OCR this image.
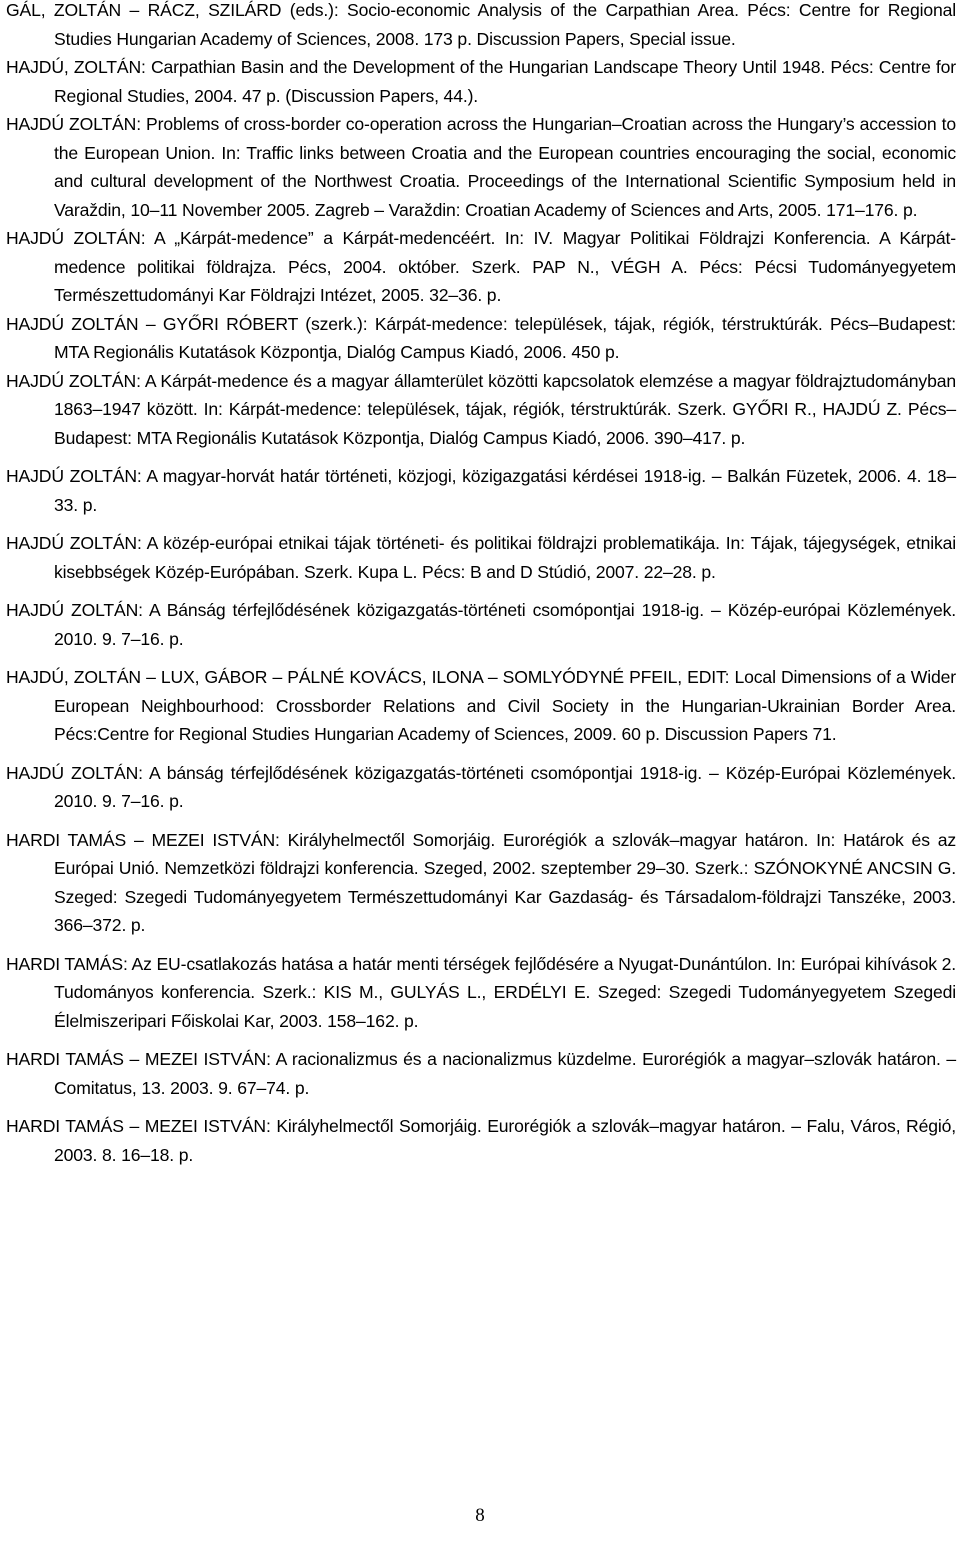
GÁL, ZOLTÁN – RÁCZ, SZILÁRD (eds.): Socio-economic Analysis of the Carpathian Area. Pécs: Centre for Regional Studies Hungarian Academy of Sciences, 2008. 173 p. Discussion Papers, Special issue.
HAJDÚ, ZOLTÁN: Carpathian Basin and the Development of the Hungarian Landscape Theory Until 1948. Pécs: Centre for Regional Studies, 2004. 47 p. (Discussion Papers, 44.).
HAJDÚ ZOLTÁN: Problems of cross-border co-operation across the Hungarian–Croatian across the Hungary’s accession to the European Union. In: Traffic links between Croatia and the European countries encouraging the social, economic and cultural development of the Northwest Croatia. Proceedings of the International Scientific Symposium held in Varaždin, 10–11 November 2005. Zagreb – Varaždin: Croatian Academy of Sciences and Arts, 2005. 171–176. p.
HAJDÚ ZOLTÁN: A „Kárpát-medence” a Kárpát-medencéért. In: IV. Magyar Politikai Földrajzi Konferencia. A Kárpát-medence politikai földrajza. Pécs, 2004. október. Szerk. PAP N., VÉGH A. Pécs: Pécsi Tudományegyetem Természettudományi Kar Földrajzi Intézet, 2005. 32–36. p.
HAJDÚ ZOLTÁN – GYŐRI RÓBERT (szerk.): Kárpát-medence: települések, tájak, régiók, térstruktúrák. Pécs–Budapest: MTA Regionális Kutatások Központja, Dialóg Campus Kiadó, 2006. 450 p.
HAJDÚ ZOLTÁN: A Kárpát-medence és a magyar államterület közötti kapcsolatok elemzése a magyar földrajztudományban 1863–1947 között. In: Kárpát-medence: települések, tájak, régiók, térstruktúrák. Szerk. GYŐRI R., HAJDÚ Z. Pécs–Budapest: MTA Regionális Kutatások Központja, Dialóg Campus Kiadó, 2006. 390–417. p.
HAJDÚ ZOLTÁN: A magyar-horvát határ történeti, közjogi, közigazgatási kérdései 1918-ig. – Balkán Füzetek, 2006. 4. 18–33. p.
HAJDÚ ZOLTÁN: A közép-európai etnikai tájak történeti- és politikai földrajzi problematikája. In: Tájak, tájegységek, etnikai kisebbségek Közép-Európában. Szerk. Kupa L. Pécs: B and D Stúdió, 2007. 22–28. p.
HAJDÚ ZOLTÁN: A Bánság térfejlődésének közigazgatás-történeti csomópontjai 1918-ig. – Közép-európai Közlemények. 2010. 9. 7–16. p.
HAJDÚ, ZOLTÁN – LUX, GÁBOR – PÁLNÉ KOVÁCS, ILONA – SOMLYÓDYNÉ PFEIL, EDIT: Local Dimensions of a Wider European Neighbourhood: Crossborder Relations and Civil Society in the Hungarian-Ukrainian Border Area. Pécs:Centre for Regional Studies Hungarian Academy of Sciences, 2009. 60 p. Discussion Papers 71.
HAJDÚ ZOLTÁN: A bánság térfejlődésének közigazgatás-történeti csomópontjai 1918-ig. – Közép-Európai Közlemények. 2010. 9. 7–16. p.
HARDI TAMÁS – MEZEI ISTVÁN: Királyhelmectől Somorjáig. Eurorégiók a szlovák–magyar határon. In: Határok és az Európai Unió. Nemzetközi földrajzi konferencia. Szeged, 2002. szeptember 29–30. Szerk.: SZÓNOKYNÉ ANCSIN G. Szeged: Szegedi Tudományegyetem Természettudományi Kar Gazdaság- és Társadalom-földrajzi Tanszéke, 2003. 366–372. p.
HARDI TAMÁS: Az EU-csatlakozás hatása a határ menti térségek fejlődésére a Nyugat-Dunántúlon. In: Európai kihívások 2. Tudományos konferencia. Szerk.: KIS M., GULYÁS L., ERDÉLYI E. Szeged: Szegedi Tudományegyetem Szegedi Élelmiszeripari Főiskolai Kar, 2003. 158–162. p.
HARDI TAMÁS – MEZEI ISTVÁN: A racionalizmus és a nacionalizmus küzdelme. Eurorégiók a magyar–szlovák határon. – Comitatus, 13. 2003. 9. 67–74. p.
HARDI TAMÁS – MEZEI ISTVÁN: Királyhelmectől Somorjáig. Eurorégiók a szlovák–magyar határon. – Falu, Város, Régió, 2003. 8. 16–18. p.
8
